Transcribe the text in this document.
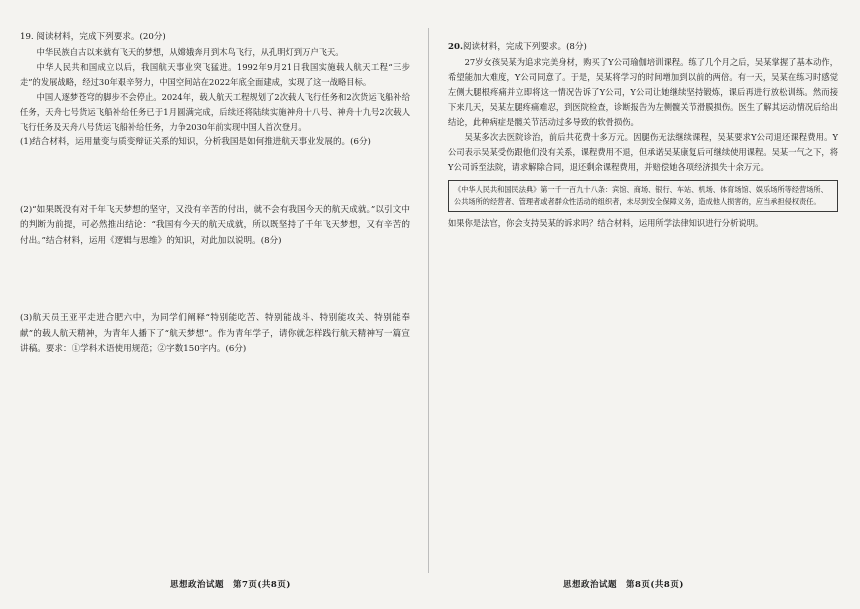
19. 阅读材料，完成下列要求。(20分)

中华民族自古以来就有飞天的梦想，从嫦娥奔月到木鸟飞行，从孔明灯到万户飞天。

中华人民共和国成立以后，我国航天事业突飞猛进。1992年9月21日我国实施载人航天工程“三步走”的发展战略，经过30年艰辛努力，中国空间站在2022年底全面建成，实现了这一战略目标。

中国人逐梦苍穹的脚步不会停止。2024年，载人航天工程规划了2次载人飞行任务和2次货运飞船补给任务，天舟七号货运飞船补给任务已于1月圆满完成，后续还将陆续实施神舟十八号、神舟十九号2次载人飞行任务及天舟八号货运飞船补给任务，力争2030年前实现中国人首次登月。

(1)结合材料，运用量变与质变辩证关系的知识，分析我国是如何推进航天事业发展的。(6分)

(2)“如果既没有对千年飞天梦想的坚守，又没有辛苦的付出，就不会有我国今天的航天成就。”以引文中的判断为前提，可必然推出结论：“我国有今天的航天成就，所以既坚持了千年飞天梦想，又有辛苦的付出。”结合材料，运用《逻辑与思维》的知识，对此加以说明。(8分)

(3)航天员王亚平走进合肥六中，为同学们阐释“特别能吃苦、特别能战斗、特别能攻关、特别能奉献”的载人航天精神，为青年人播下了“航天梦想”。作为青年学子，请你就怎样践行航天精神写一篇宣讲稿。要求：①学科术语使用规范；②字数150字内。(6分)

20.阅读材料，完成下列要求。(8分)

27岁女孩吴某为追求完美身材，购买了Y公司瑜伽培训课程。练了几个月之后，吴某掌握了基本动作，希望能加大难度，Y公司同意了。于是，吴某将学习的时间增加到以前的两倍。有一天，吴某在练习时感觉左侧大腿根疼痛并立即将这一情况告诉了Y公司，Y公司让她继续坚持锻炼，课后再进行放松训练。然而接下来几天，吴某左腿疼痛难忍，到医院检查，诊断报告为左侧髋关节滑膜损伤。医生了解其运动情况后给出结论，此种病症是髋关节活动过多导致的软骨损伤。

吴某多次去医院诊治，前后共花费十多万元。因腿伤无法继续课程，吴某要求Y公司退还课程费用。Y公司表示吴某受伤跟他们没有关系，课程费用不退，但承诺吴某康复后可继续使用课程。吴某一气之下，将Y公司诉至法院，请求解除合同，退还剩余课程费用，并赔偿她各项经济损失十余万元。

《中华人民共和国民法典》第一千一百九十八条：宾馆、商场、银行、车站、机场、体育场馆、娱乐场所等经营场所、公共场所的经营者、管理者或者群众性活动的组织者，未尽到安全保障义务，造成他人损害的，应当承担侵权责任。

如果你是法官，你会支持吴某的诉求吗？结合材料，运用所学法律知识进行分析说明。

思想政治试题　第7页(共8页)	思想政治试题　第8页(共8页)
